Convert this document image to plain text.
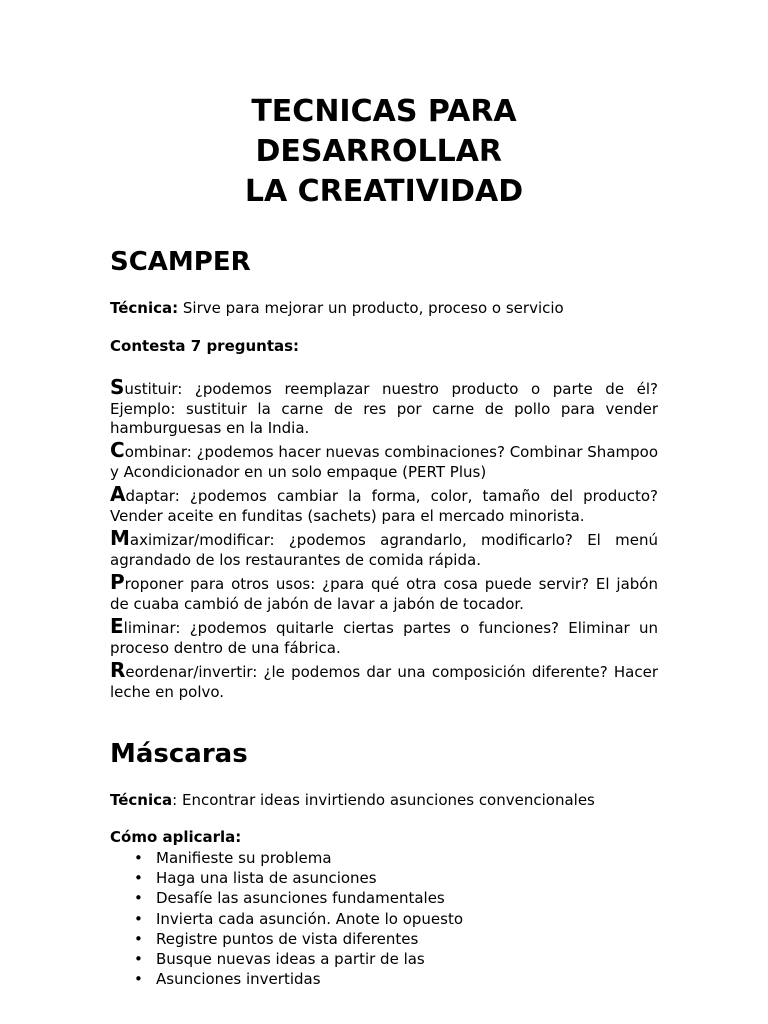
TECNICAS PARA
DESARROLLAR
LA CREATIVIDAD
SCAMPER

Técnica: Sirve para mejorar un producto, proceso o servicio

Contesta 7 preguntas:

Sustituir: ¿podemos reemplazar nuestro producto o parte de él? Ejemplo: sustituir la carne de res por carne de pollo para vender hamburguesas en la India.
Combinar: ¿podemos hacer nuevas combinaciones? Combinar Shampoo y Acondicionador en un solo empaque (PERT Plus)
Adaptar: ¿podemos cambiar la forma, color, tamaño del producto? Vender aceite en funditas (sachets) para el mercado minorista.
Maximizar/modificar: ¿podemos agrandarlo, modificarlo? El menú agrandado de los restaurantes de comida rápida.
Proponer para otros usos: ¿para qué otra cosa puede servir? El jabón de cuaba cambió de jabón de lavar a jabón de tocador.
Eliminar: ¿podemos quitarle ciertas partes o funciones? Eliminar un proceso dentro de una fábrica.
Reordenar/invertir: ¿le podemos dar una composición diferente? Hacer leche en polvo.
Máscaras

Técnica: Encontrar ideas invirtiendo asunciones convencionales

Cómo aplicarla:

• Manifieste su problema
• Haga una lista de asunciones
• Desafíe las asunciones fundamentales
• Invierta cada asunción. Anote lo opuesto
• Registre puntos de vista diferentes
• Busque nuevas ideas a partir de las
• Asunciones invertidas
